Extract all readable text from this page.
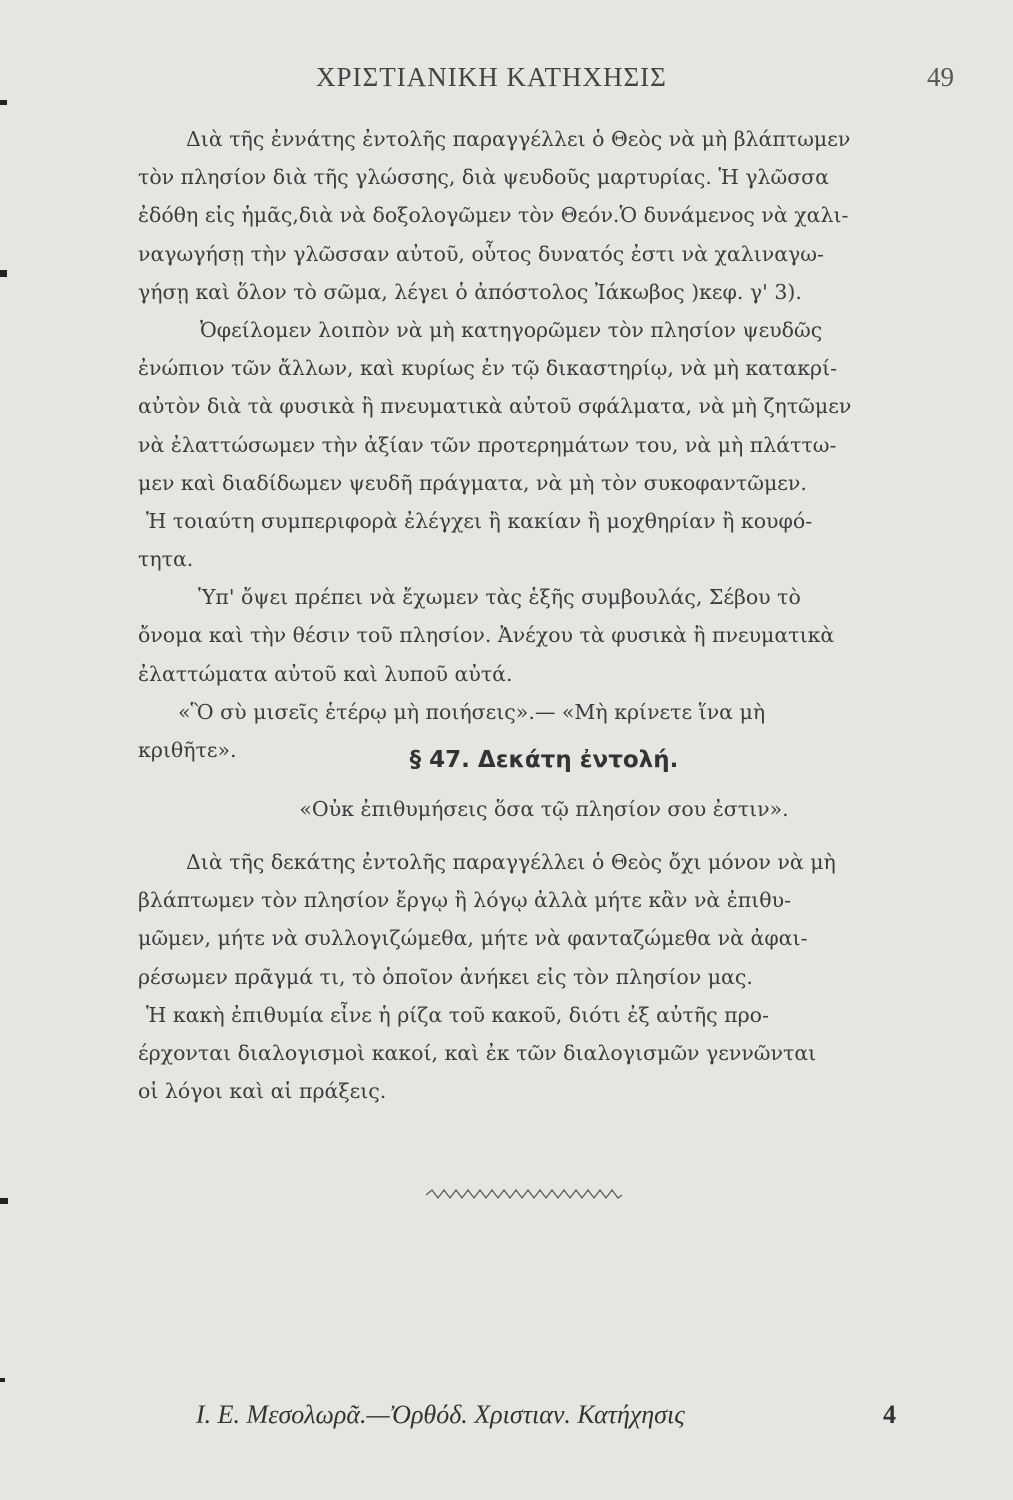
ΧΡΙΣΤΙΑΝΙΚΗ ΚΑΤΗΧΗΣΙΣ	49
Διὰ τῆς ἐννάτης ἐντολῆς παραγγέλλει ὁ Θεὸς νὰ μὴ βλάπτωμεν
τὸν πλησίον διὰ τῆς γλώσσης, διὰ ψευδοῦς μαρτυρίας. Ἡ γλῶσσα
ἐδόθη εἰς ἡμᾶς,διὰ νὰ δοξολογῶμεν τὸν Θεόν.Ὁ δυνάμενος νὰ χαλι-
ναγωγήσῃ τὴν γλῶσσαν αὐτοῦ, οὗτος δυνατός ἐστι νὰ χαλιναγω-
γήσῃ καὶ ὅλον τὸ σῶμα, λέγει ὁ ἀπόστολος Ἰάκωβος )κεφ. γ' 3).
Ὀφείλομεν λοιπὸν νὰ μὴ κατηγορῶμεν τὸν πλησίον ψευδῶς
ἐνώπιον τῶν ἄλλων, καὶ κυρίως ἐν τῷ δικαστηρίῳ, νὰ μὴ κατακρί-
αὐτὸν διὰ τὰ φυσικὰ ἢ πνευματικὰ αὐτοῦ σφάλματα, νὰ μὴ ζητῶμεν
νὰ ἐλαττώσωμεν τὴν ἀξίαν τῶν προτερημάτων του, νὰ μὴ πλάττω-
μεν καὶ διαδίδωμεν ψευδῆ πράγματα, νὰ μὴ τὸν συκοφαντῶμεν.
Ἡ τοιαύτη συμπεριφορὰ ἐλέγχει ἢ κακίαν ἢ μοχθηρίαν ἢ κουφό-
τητα.
Ὑπ' ὄψει πρέπει νὰ ἔχωμεν τὰς ἑξῆς συμβουλάς, Σέβου τὸ
ὄνομα καὶ τὴν θέσιν τοῦ πλησίον. Ἀνέχου τὰ φυσικὰ ἢ πνευματικὰ
ἐλαττώματα αὐτοῦ καὶ λυποῦ αὐτά.
«Ὃ σὺ μισεῖς ἑτέρῳ μὴ ποιήσεις».— «Μὴ κρίνετε ἵνα μὴ
κριθῆτε».	§ 47. Δεκάτη ἐντολή.
«Οὐκ ἐπιθυμήσεις ὅσα τῷ πλησίον σου ἐστιν».
Διὰ τῆς δεκάτης ἐντολῆς παραγγέλλει ὁ Θεὸς ὄχι μόνον νὰ μὴ
βλάπτωμεν τὸν πλησίον ἔργῳ ἢ λόγῳ ἀλλὰ μήτε κἂν νὰ ἐπιθυ-
μῶμεν, μήτε νὰ συλλογιζώμεθα, μήτε νὰ φανταζώμεθα νὰ ἀφαι-
ρέσωμεν πρᾶγμά τι, τὸ ὁποῖον ἀνήκει εἰς τὸν πλησίον μας.
Ἡ κακὴ ἐπιθυμία εἶνε ἡ ρίζα τοῦ κακοῦ, διότι ἐξ αὐτῆς προ-
έρχονται διαλογισμοὶ κακοί, καὶ ἐκ τῶν διαλογισμῶν γεννῶνται
οἱ λόγοι καὶ αἱ πράξεις.
Ι. Ε. Μεσολωρᾶ.—Ὀρθόδ. Χριστιαν. Κατήχησις	4
